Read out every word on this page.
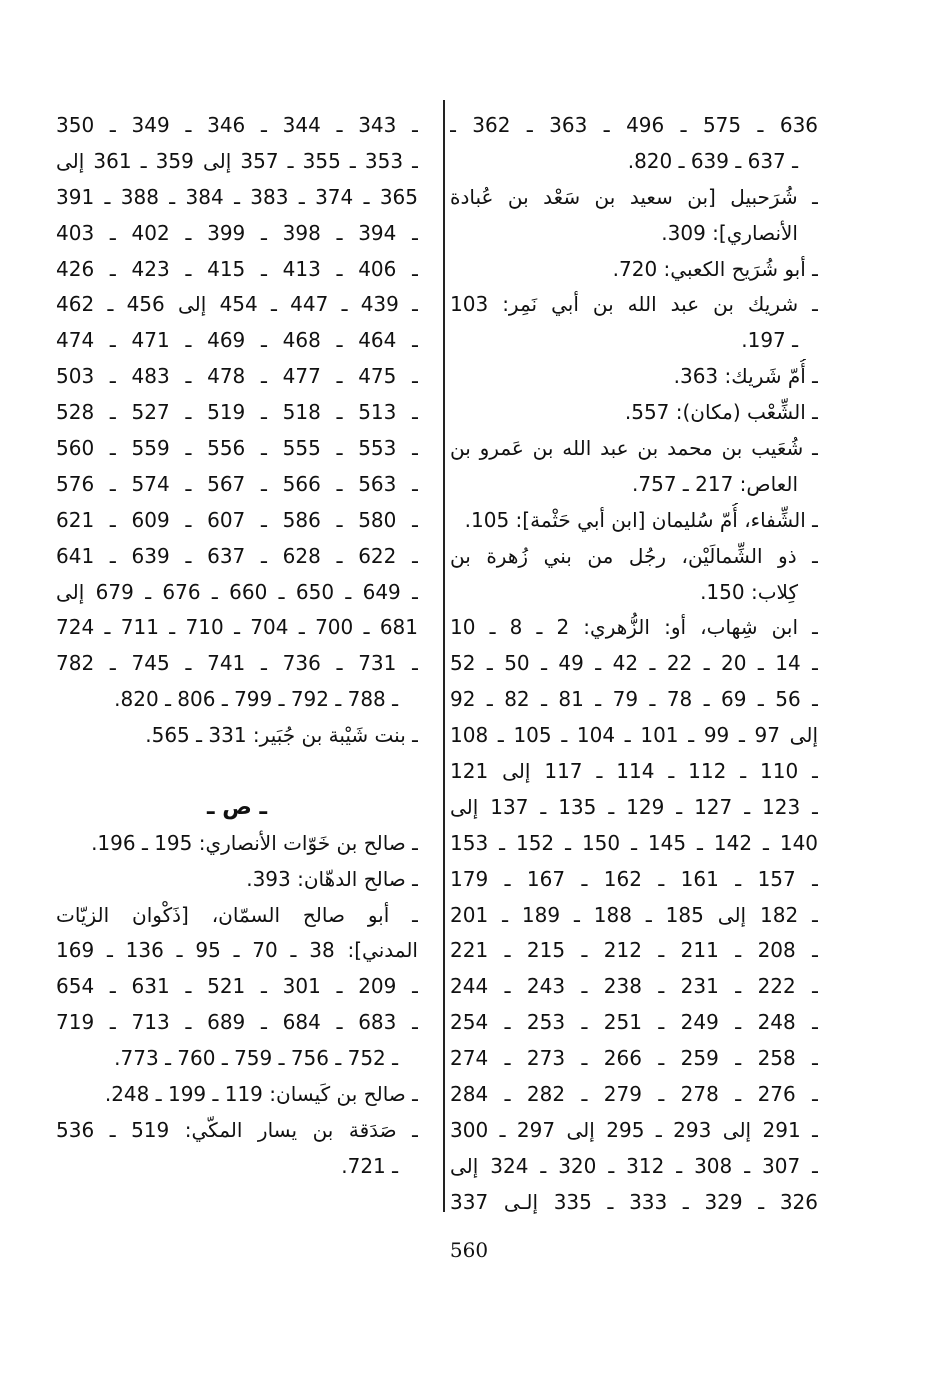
636 ـ 575 ـ 496 ـ 363 ـ 362 ـ
ـ 637 ـ 639 ـ 820.
ـ شُرَحبيل [بن سعيد بن سَعْد بن عُبادة
الأنصاري]: 309.
ـ أبو شُرَيح الكعبي: 720.
ـ شريك بن عبد الله بن أبي نَمِر: 103
ـ 197.
ـ أُمّ شَريك: 363.
ـ الشِّعْب (مكان): 557.
ـ شُعَيب بن محمد بن عبد الله بن عَمرو بن
العاص: 217 ـ 757.
ـ الشِّفاء، أُمّ سُليمان [ابن أبي حَثْمة]: 105.
ـ ذو الشِّمالَيْن، رجُل من بني زُهرة بن
كِلاب: 150.
ـ ابن شِهاب، أو: الزُّهري: 2 ـ 8 ـ 10
ـ 14 ـ 20 ـ 22 ـ 42 ـ 49 ـ 50 ـ 52
ـ 56 ـ 69 ـ 78 ـ 79 ـ 81 ـ 82 ـ 92
إلى 97 ـ 99 ـ 101 ـ 104 ـ 105 ـ 108
ـ 110 ـ 112 ـ 114 ـ 117 إلى 121
ـ 123 ـ 127 ـ 129 ـ 135 ـ 137 إلى
140 ـ 142 ـ 145 ـ 150 ـ 152 ـ 153
ـ 157 ـ 161 ـ 162 ـ 167 ـ 179
ـ 182 إلى 185 ـ 188 ـ 189 ـ 201
ـ 208 ـ 211 ـ 212 ـ 215 ـ 221
ـ 222 ـ 231 ـ 238 ـ 243 ـ 244
ـ 248 ـ 249 ـ 251 ـ 253 ـ 254
ـ 258 ـ 259 ـ 266 ـ 273 ـ 274
ـ 276 ـ 278 ـ 279 ـ 282 ـ 284
ـ 291 إلى 293 ـ 295 إلى 297 ـ 300
ـ 307 ـ 308 ـ 312 ـ 320 ـ 324 إلى
326 ـ 329 ـ 333 ـ 335 إلـى 337
ـ 343 ـ 344 ـ 346 ـ 349 ـ 350
ـ 353 ـ 355 ـ 357 إلى 359 ـ 361 إلى
365 ـ 374 ـ 383 ـ 384 ـ 388 ـ 391
ـ 394 ـ 398 ـ 399 ـ 402 ـ 403
ـ 406 ـ 413 ـ 415 ـ 423 ـ 426
ـ 439 ـ 447 ـ 454 إلى 456 ـ 462
ـ 464 ـ 468 ـ 469 ـ 471 ـ 474
ـ 475 ـ 477 ـ 478 ـ 483 ـ 503
ـ 513 ـ 518 ـ 519 ـ 527 ـ 528
ـ 553 ـ 555 ـ 556 ـ 559 ـ 560
ـ 563 ـ 566 ـ 567 ـ 574 ـ 576
ـ 580 ـ 586 ـ 607 ـ 609 ـ 621
ـ 622 ـ 628 ـ 637 ـ 639 ـ 641
ـ 649 ـ 650 ـ 660 ـ 676 ـ 679 إلى
681 ـ 700 ـ 704 ـ 710 ـ 711 ـ 724
ـ 731 ـ 736 ـ 741 ـ 745 ـ 782
ـ 788 ـ 792 ـ 799 ـ 806 ـ 820.
ـ بنت شَيْبة بن جُبَير: 331 ـ 565.
ـ ص ـ
ـ صالح بن خَوّات الأنصاري: 195 ـ 196.
ـ صالح الدهّان: 393.
ـ أبو صالح السمّان، [ذَكْوان الزيّات
المدني]: 38 ـ 70 ـ 95 ـ 136 ـ 169
ـ 209 ـ 301 ـ 521 ـ 631 ـ 654
ـ 683 ـ 684 ـ 689 ـ 713 ـ 719
ـ 752 ـ 756 ـ 759 ـ 760 ـ 773.
ـ صالح بن كَيسان: 119 ـ 199 ـ 248.
ـ صَدَقة بن يسار المكّي: 519 ـ 536
ـ 721.
560
